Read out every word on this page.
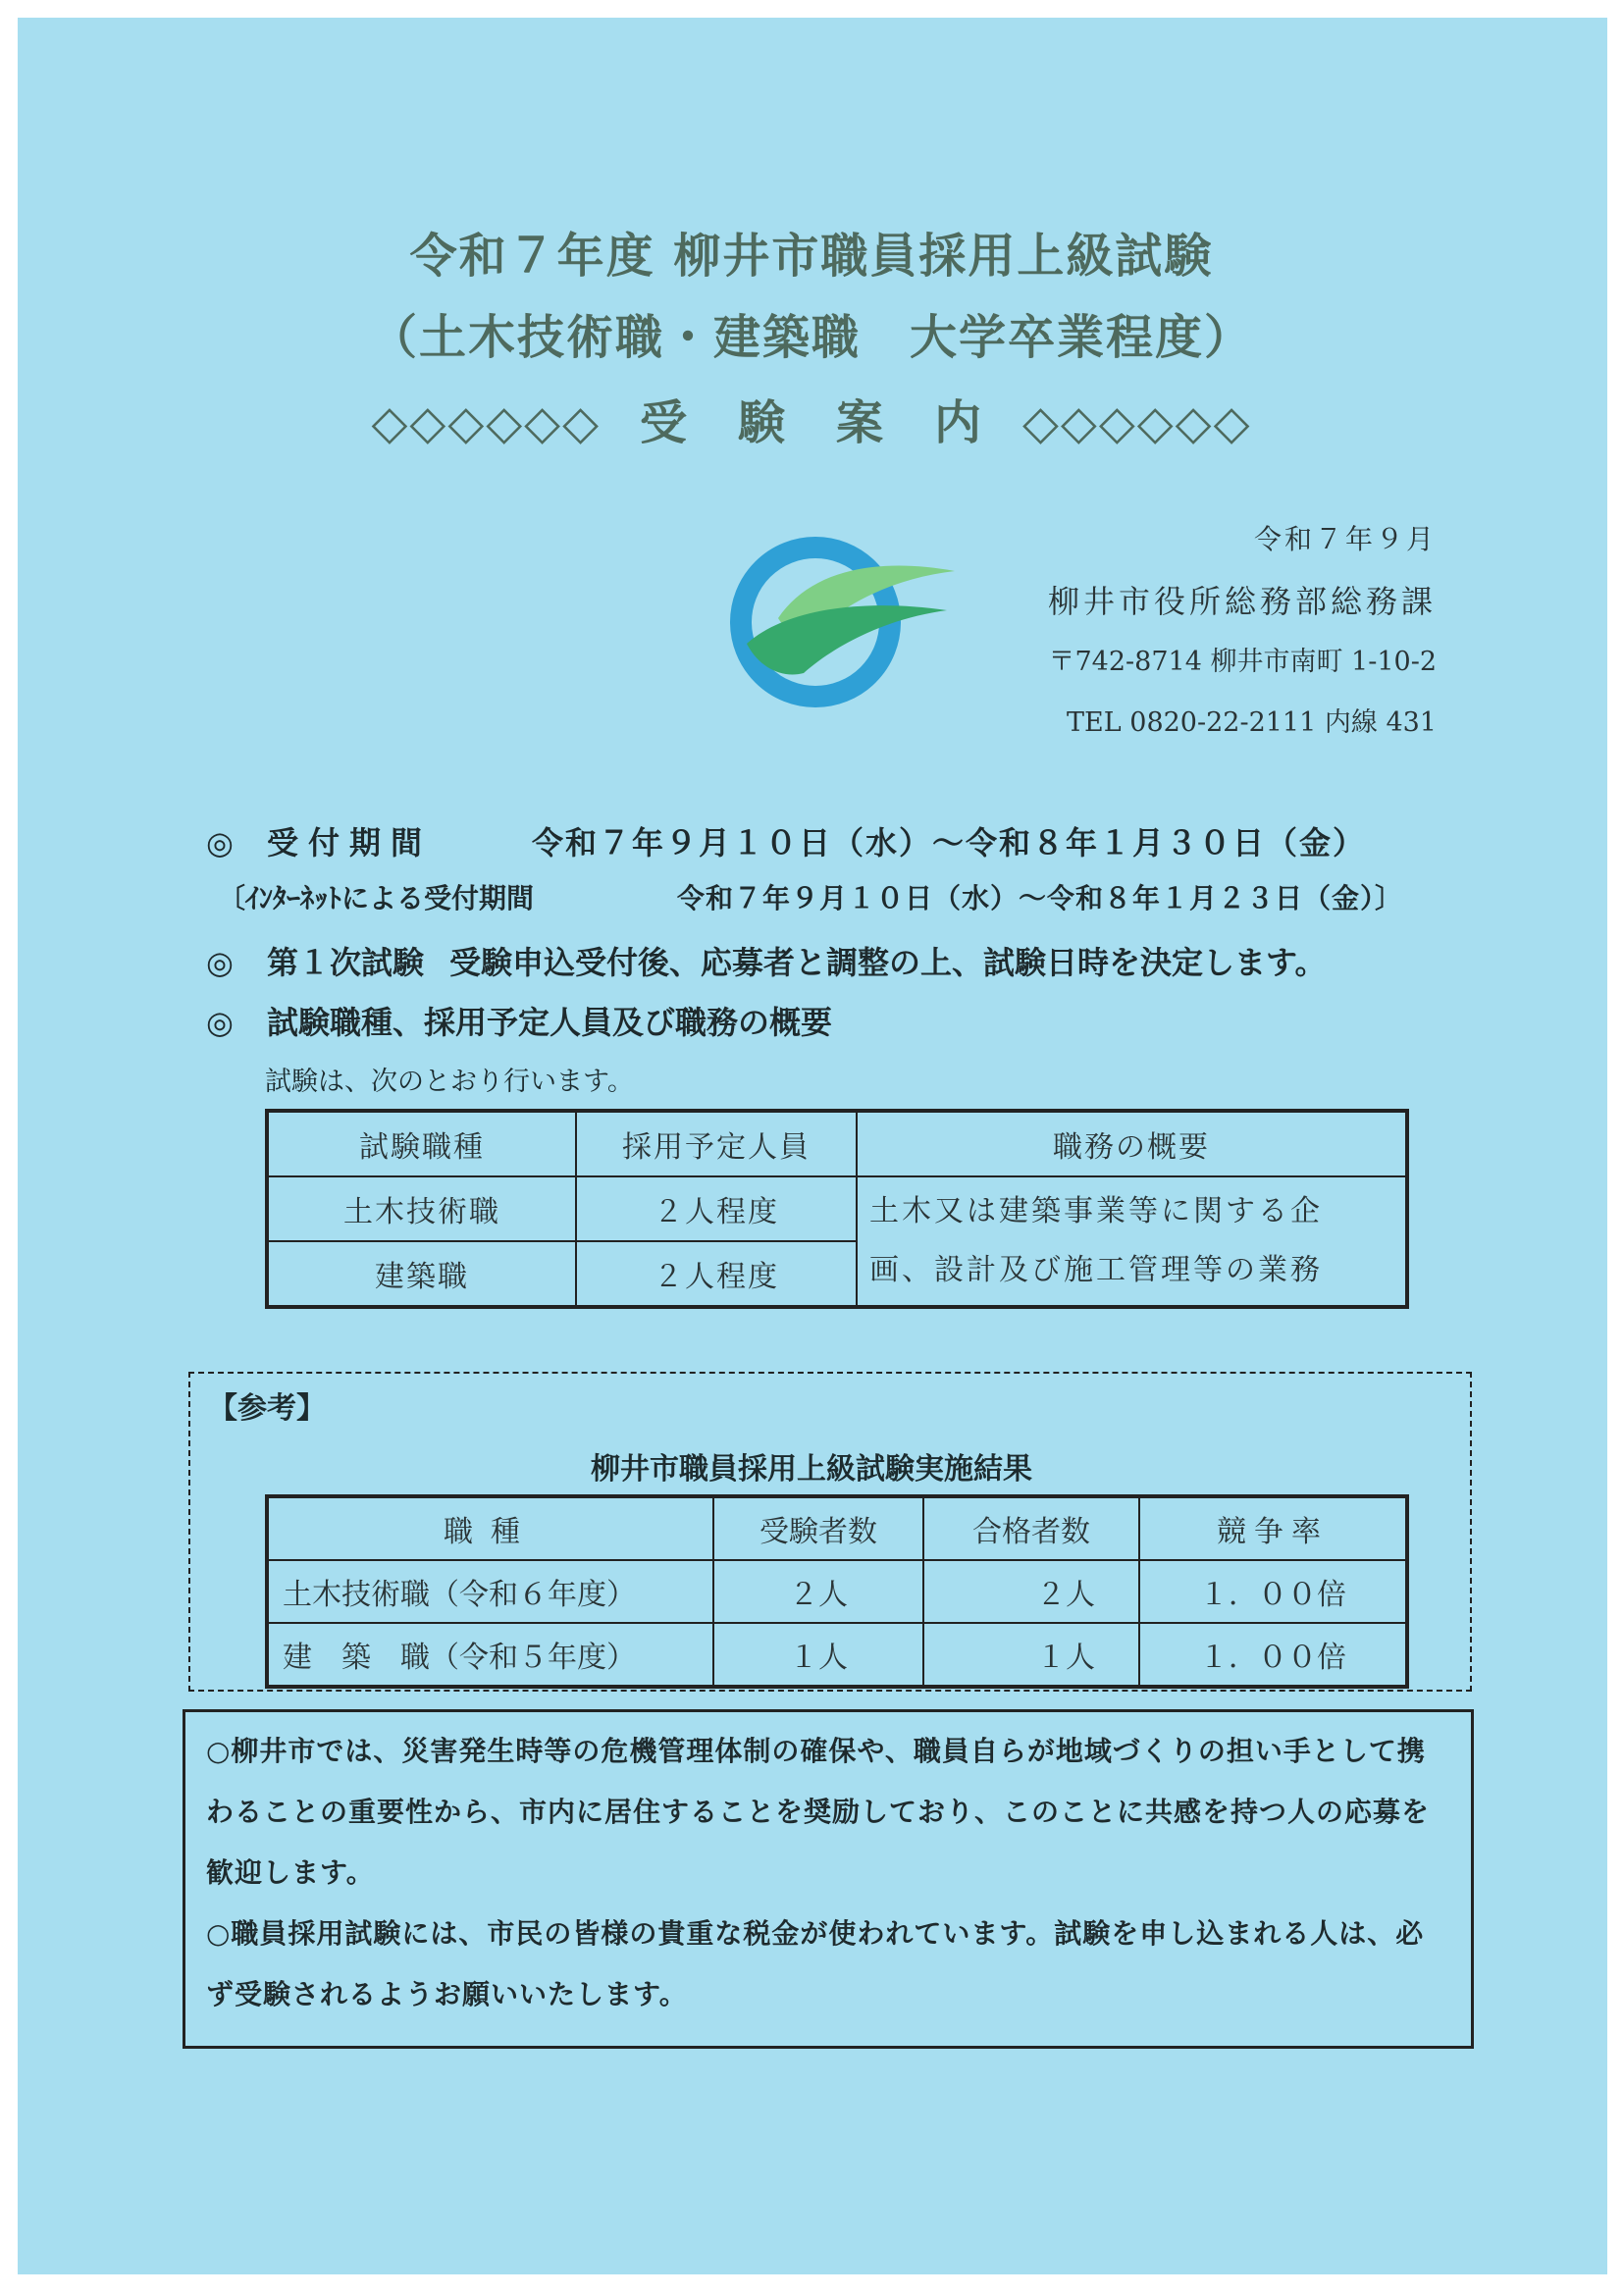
令和７年度 柳井市職員採用上級試験
（土木技術職・建築職　大学卒業程度）
◇◇◇◇◇◇ 受　験　案　内 ◇◇◇◇◇◇
令和７年９月
柳井市役所総務部総務課
〒742-8714 柳井市南町 1-10-2
TEL 0820-22-2111 内線 431
◎ 受付期間	令和７年９月１０日（水）～令和８年１月３０日（金）
〔ｲﾝﾀｰﾈｯﾄによる受付期間	令和７年９月１０日（水）～令和８年１月２３日（金）〕
◎ 第１次試験 受験申込受付後、応募者と調整の上、試験日時を決定します。
◎ 試験職種、採用予定人員及び職務の概要
試験は、次のとおり行います。
試験職種	採用予定人員	職務の概要
土木技術職	２人程度	土木又は建築事業等に関する企
画、設計及び施工管理等の業務
建築職	２人程度	
【参考】
柳井市職員採用上級試験実施結果
職種	受験者数	合格者数	競争率
土木技術職（令和６年度）	２人	２人	１．００倍
建　築　職（令和５年度）	１人	１人	１．００倍
○柳井市では、災害発生時等の危機管理体制の確保や、職員自らが地域づくりの担い手として携わることの重要性から、市内に居住することを奨励しており、このことに共感を持つ人の応募を歓迎します。
○職員採用試験には、市民の皆様の貴重な税金が使われています。試験を申し込まれる人は、必ず受験されるようお願いいたします。
